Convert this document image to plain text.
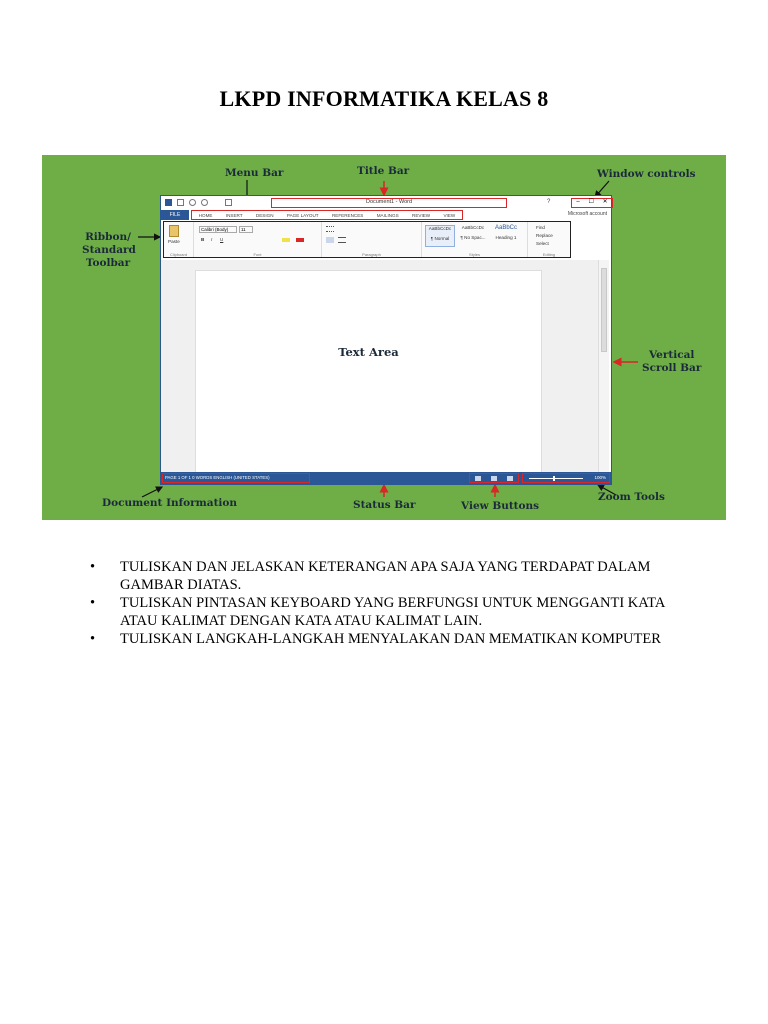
LKPD INFORMATIKA KELAS 8
Menu Bar	Title Bar	Window controls
Ribbon/
Standard
Toolbar
Vertical
Scroll Bar
Document Information	Status Bar	View Buttons
Zoom Tools
Document1 - Word	?	– ☐ ✕
FILE	HOME	INSERT	DESIGN	PAGE LAYOUT	REFERENCES	MAILINGS	REVIEW	VIEW	Microsoft account
Paste
Clipboard
Calibri (Body)	11
B I U
Font	Paragraph
AaBbCcDc
¶ Normal
AaBbCcDc
¶ No Spac...
AaBbCc
Heading 1
Styles
Find
Replace
Select
Editing
Text Area
PAGE 1 OF 1 0 WORDS ENGLISH (UNITED STATES)	100%
• TULISKAN DAN JELASKAN KETERANGAN APA SAJA YANG TERDAPAT DALAM GAMBAR DIATAS.
• TULISKAN PINTASAN KEYBOARD YANG BERFUNGSI UNTUK MENGGANTI KATA ATAU KALIMAT DENGAN KATA ATAU KALIMAT LAIN.
• TULISKAN LANGKAH-LANGKAH MENYALAKAN DAN MEMATIKAN KOMPUTER
